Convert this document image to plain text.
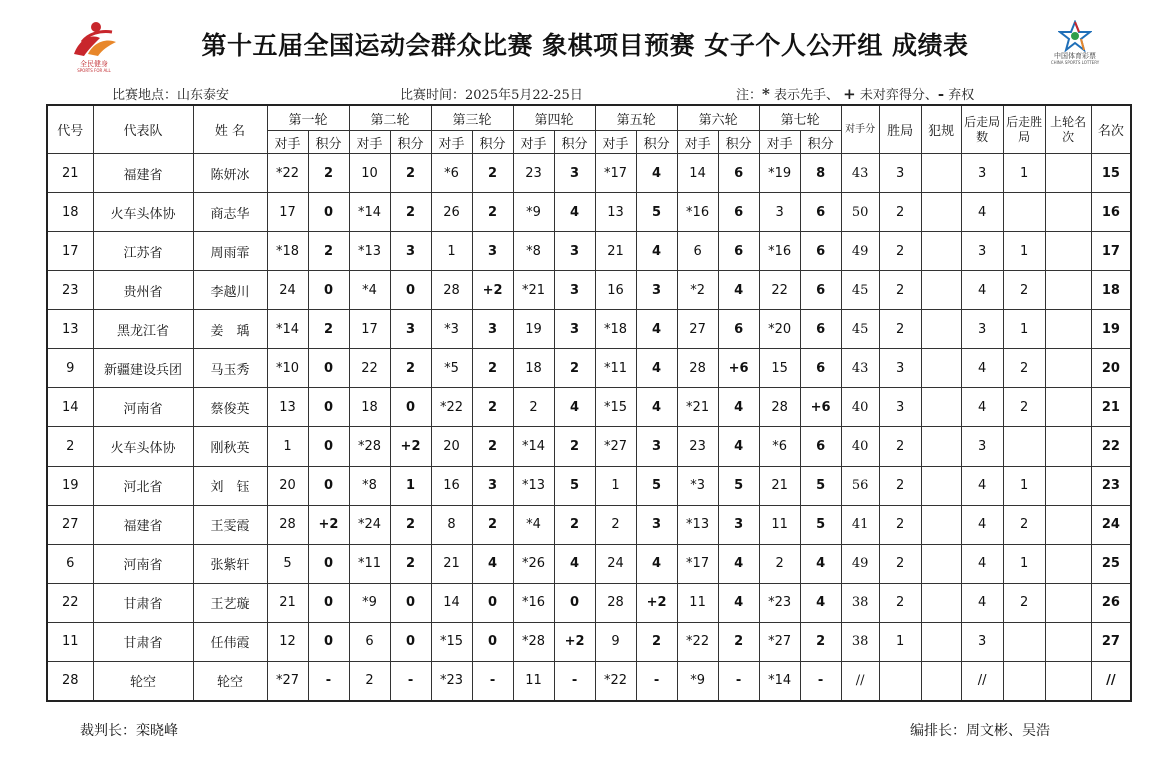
全民健身
SPORTS FOR ALL
第十五届全国运动会群众比赛 象棋项目预赛 女子个人公开组 成绩表	中国体育彩票
CHINA SPORTS LOTTERY
比赛地点：山东泰安	比赛时间：2025年5月22-25日	注：* 表示先手、 + 未对弈得分、- 弃权
代号	代表队	姓 名	第一轮		第二轮		第三轮		第四轮		第五轮		第六轮		第七轮		对手分	胜局	犯规	后走局数	后走胜局	上轮名次	名次
			对手	积分	对手	积分	对手	积分	对手	积分	对手	积分	对手	积分	对手	积分							
21	福建省	陈妍冰	*22	2	10	2	*6	2	23	3	*17	4	14	6	*19	8	43	3		3	1		15
18	火车头体协	商志华	17	0	*14	2	26	2	*9	4	13	5	*16	6	3	6	50	2		4			16
17	江苏省	周雨霏	*18	2	*13	3	1	3	*8	3	21	4	6	6	*16	6	49	2		3	1		17
23	贵州省	李越川	24	0	*4	0	28	+2	*21	3	16	3	*2	4	22	6	45	2		4	2		18
13	黑龙江省	姜　瑀	*14	2	17	3	*3	3	19	3	*18	4	27	6	*20	6	45	2		3	1		19
9	新疆建设兵团	马玉秀	*10	0	22	2	*5	2	18	2	*11	4	28	+6	15	6	43	3		4	2		20
14	河南省	蔡俊英	13	0	18	0	*22	2	2	4	*15	4	*21	4	28	+6	40	3		4	2		21
2	火车头体协	刚秋英	1	0	*28	+2	20	2	*14	2	*27	3	23	4	*6	6	40	2		3			22
19	河北省	刘　钰	20	0	*8	1	16	3	*13	5	1	5	*3	5	21	5	56	2		4	1		23
27	福建省	王雯霞	28	+2	*24	2	8	2	*4	2	2	3	*13	3	11	5	41	2		4	2		24
6	河南省	张紫轩	5	0	*11	2	21	4	*26	4	24	4	*17	4	2	4	49	2		4	1		25
22	甘肃省	王艺璇	21	0	*9	0	14	0	*16	0	28	+2	11	4	*23	4	38	2		4	2		26
11	甘肃省	任伟霞	12	0	6	0	*15	0	*28	+2	9	2	*22	2	*27	2	38	1		3			27
28	轮空	轮空	*27	-	2	-	*23	-	11	-	*22	-	*9	-	*14	-	//			//			//
裁判长：栾晓峰	编排长：周文彬、吴浩
